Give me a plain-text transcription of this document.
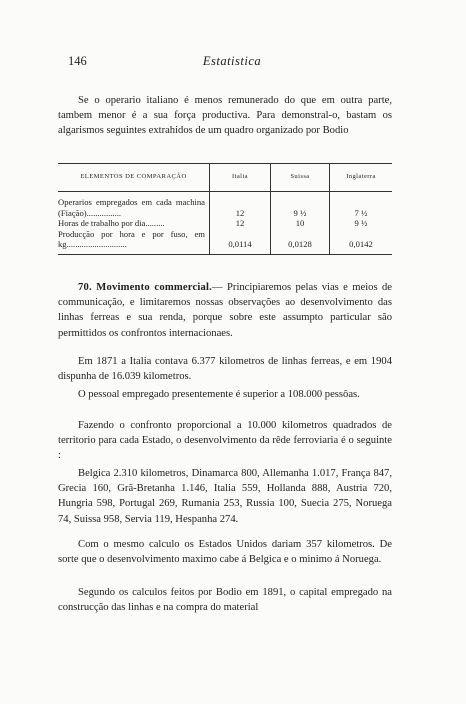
146	Estatistica

Se o operario italiano é menos remunerado do que em outra parte, tambem menor é a sua força productiva. Para demonstral-o, bastam os algarismos seguintes extrahidos de um quadro organizado por Bodio

ELEMENTOS DE COMPARAÇÃO	Italia	Suissa	Inglaterra
Operarios empregados em cada machina (Fiação)................	12	9 ½	7 ½
Horas de trabalho por dia.........	12	10	9 ½
Producção por hora e por fuso, em kg............................	0,0114	0,0128	0,0142

70. Movimento commercial.— Principiaremos pelas vias e meios de communicação, e limitaremos nossas observações ao desenvolvimento das linhas ferreas e sua renda, porque sobre este assumpto particular são permittidos os confrontos internacionaes.

Em 1871 a Italia contava 6.377 kilometros de linhas ferreas, e em 1904 dispunha de 16.039 kilometros.

O pessoal empregado presentemente é superior a 108.000 pessôas.

Fazendo o confronto proporcional a 10.000 kilometros quadrados de territorio para cada Estado, o desenvolvimento da rêde ferroviaria é o seguinte :

Belgica 2.310 kilometros, Dinamarca 800, Allemanha 1.017, França 847, Grecia 160, Grã-Bretanha 1.146, Italia 559, Hollanda 888, Austria 720, Hungria 598, Portugal 269, Rumania 253, Russia 100, Suecia 275, Noruega 74, Suissa 958, Servia 119, Hespanha 274.

Com o mesmo calculo os Estados Unidos dariam 357 kilometros. De sorte que o desenvolvimento maximo cabe á Belgica e o minimo á Noruega.

Segundo os calculos feitos por Bodio em 1891, o capital empregado na construcção das linhas e na compra do material
